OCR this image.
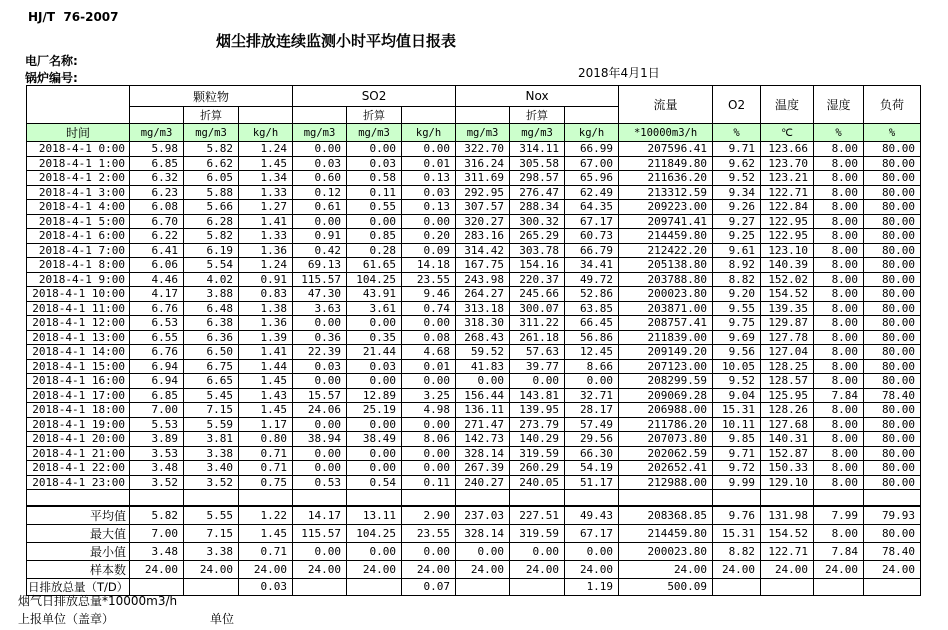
HJ/T  76-2007
烟尘排放连续监测小时平均值日报表
电厂名称:
锅炉编号:	2018年4月1日
	颗粒物			SO2			Nox			流量	O2	温度	湿度	负荷
		折算			折算			折算						
时间	mg/m3	mg/m3	kg/h	mg/m3	mg/m3	kg/h	mg/m3	mg/m3	kg/h	*10000m3/h	%	℃	%	%
2018-4-1 0:00	5.98	5.82	1.24	0.00	0.00	0.00	322.70	314.11	66.99	207596.41	9.71	123.66	8.00	80.00
2018-4-1 1:00	6.85	6.62	1.45	0.03	0.03	0.01	316.24	305.58	67.00	211849.80	9.62	123.70	8.00	80.00
2018-4-1 2:00	6.32	6.05	1.34	0.60	0.58	0.13	311.69	298.57	65.96	211636.20	9.52	123.21	8.00	80.00
2018-4-1 3:00	6.23	5.88	1.33	0.12	0.11	0.03	292.95	276.47	62.49	213312.59	9.34	122.71	8.00	80.00
2018-4-1 4:00	6.08	5.66	1.27	0.61	0.55	0.13	307.57	288.34	64.35	209223.00	9.26	122.84	8.00	80.00
2018-4-1 5:00	6.70	6.28	1.41	0.00	0.00	0.00	320.27	300.32	67.17	209741.41	9.27	122.95	8.00	80.00
2018-4-1 6:00	6.22	5.82	1.33	0.91	0.85	0.20	283.16	265.29	60.73	214459.80	9.25	122.95	8.00	80.00
2018-4-1 7:00	6.41	6.19	1.36	0.42	0.28	0.09	314.42	303.78	66.79	212422.20	9.61	123.10	8.00	80.00
2018-4-1 8:00	6.06	5.54	1.24	69.13	61.65	14.18	167.75	154.16	34.41	205138.80	8.92	140.39	8.00	80.00
2018-4-1 9:00	4.46	4.02	0.91	115.57	104.25	23.55	243.98	220.37	49.72	203788.80	8.82	152.02	8.00	80.00
2018-4-1 10:00	4.17	3.88	0.83	47.30	43.91	9.46	264.27	245.66	52.86	200023.80	9.20	154.52	8.00	80.00
2018-4-1 11:00	6.76	6.48	1.38	3.63	3.61	0.74	313.18	300.07	63.85	203871.00	9.55	139.35	8.00	80.00
2018-4-1 12:00	6.53	6.38	1.36	0.00	0.00	0.00	318.30	311.22	66.45	208757.41	9.75	129.87	8.00	80.00
2018-4-1 13:00	6.55	6.36	1.39	0.36	0.35	0.08	268.43	261.18	56.86	211839.00	9.69	127.78	8.00	80.00
2018-4-1 14:00	6.76	6.50	1.41	22.39	21.44	4.68	59.52	57.63	12.45	209149.20	9.56	127.04	8.00	80.00
2018-4-1 15:00	6.94	6.75	1.44	0.03	0.03	0.01	41.83	39.77	8.66	207123.00	10.05	128.25	8.00	80.00
2018-4-1 16:00	6.94	6.65	1.45	0.00	0.00	0.00	0.00	0.00	0.00	208299.59	9.52	128.57	8.00	80.00
2018-4-1 17:00	6.85	5.45	1.43	15.57	12.89	3.25	156.44	143.81	32.71	209069.28	9.04	125.95	7.84	78.40
2018-4-1 18:00	7.00	7.15	1.45	24.06	25.19	4.98	136.11	139.95	28.17	206988.00	15.31	128.26	8.00	80.00
2018-4-1 19:00	5.53	5.59	1.17	0.00	0.00	0.00	271.47	273.79	57.49	211786.20	10.11	127.68	8.00	80.00
2018-4-1 20:00	3.89	3.81	0.80	38.94	38.49	8.06	142.73	140.29	29.56	207073.80	9.85	140.31	8.00	80.00
2018-4-1 21:00	3.53	3.38	0.71	0.00	0.00	0.00	328.14	319.59	66.30	202062.59	9.71	152.87	8.00	80.00
2018-4-1 22:00	3.48	3.40	0.71	0.00	0.00	0.00	267.39	260.29	54.19	202652.41	9.72	150.33	8.00	80.00
2018-4-1 23:00	3.52	3.52	0.75	0.53	0.54	0.11	240.27	240.05	51.17	212988.00	9.99	129.10	8.00	80.00

平均值	5.82	5.55	1.22	14.17	13.11	2.90	237.03	227.51	49.43	208368.85	9.76	131.98	7.99	79.93
最大值	7.00	7.15	1.45	115.57	104.25	23.55	328.14	319.59	67.17	214459.80	15.31	154.52	8.00	80.00
最小值	3.48	3.38	0.71	0.00	0.00	0.00	0.00	0.00	0.00	200023.80	8.82	122.71	7.84	78.40
样本数	24.00	24.00	24.00	24.00	24.00	24.00	24.00	24.00	24.00	24.00	24.00	24.00	24.00	24.00
日排放总量（T/D）			0.03			0.07			1.19	500.09				
烟气日排放总量*10000m3/h
上报单位（盖章）	单位
